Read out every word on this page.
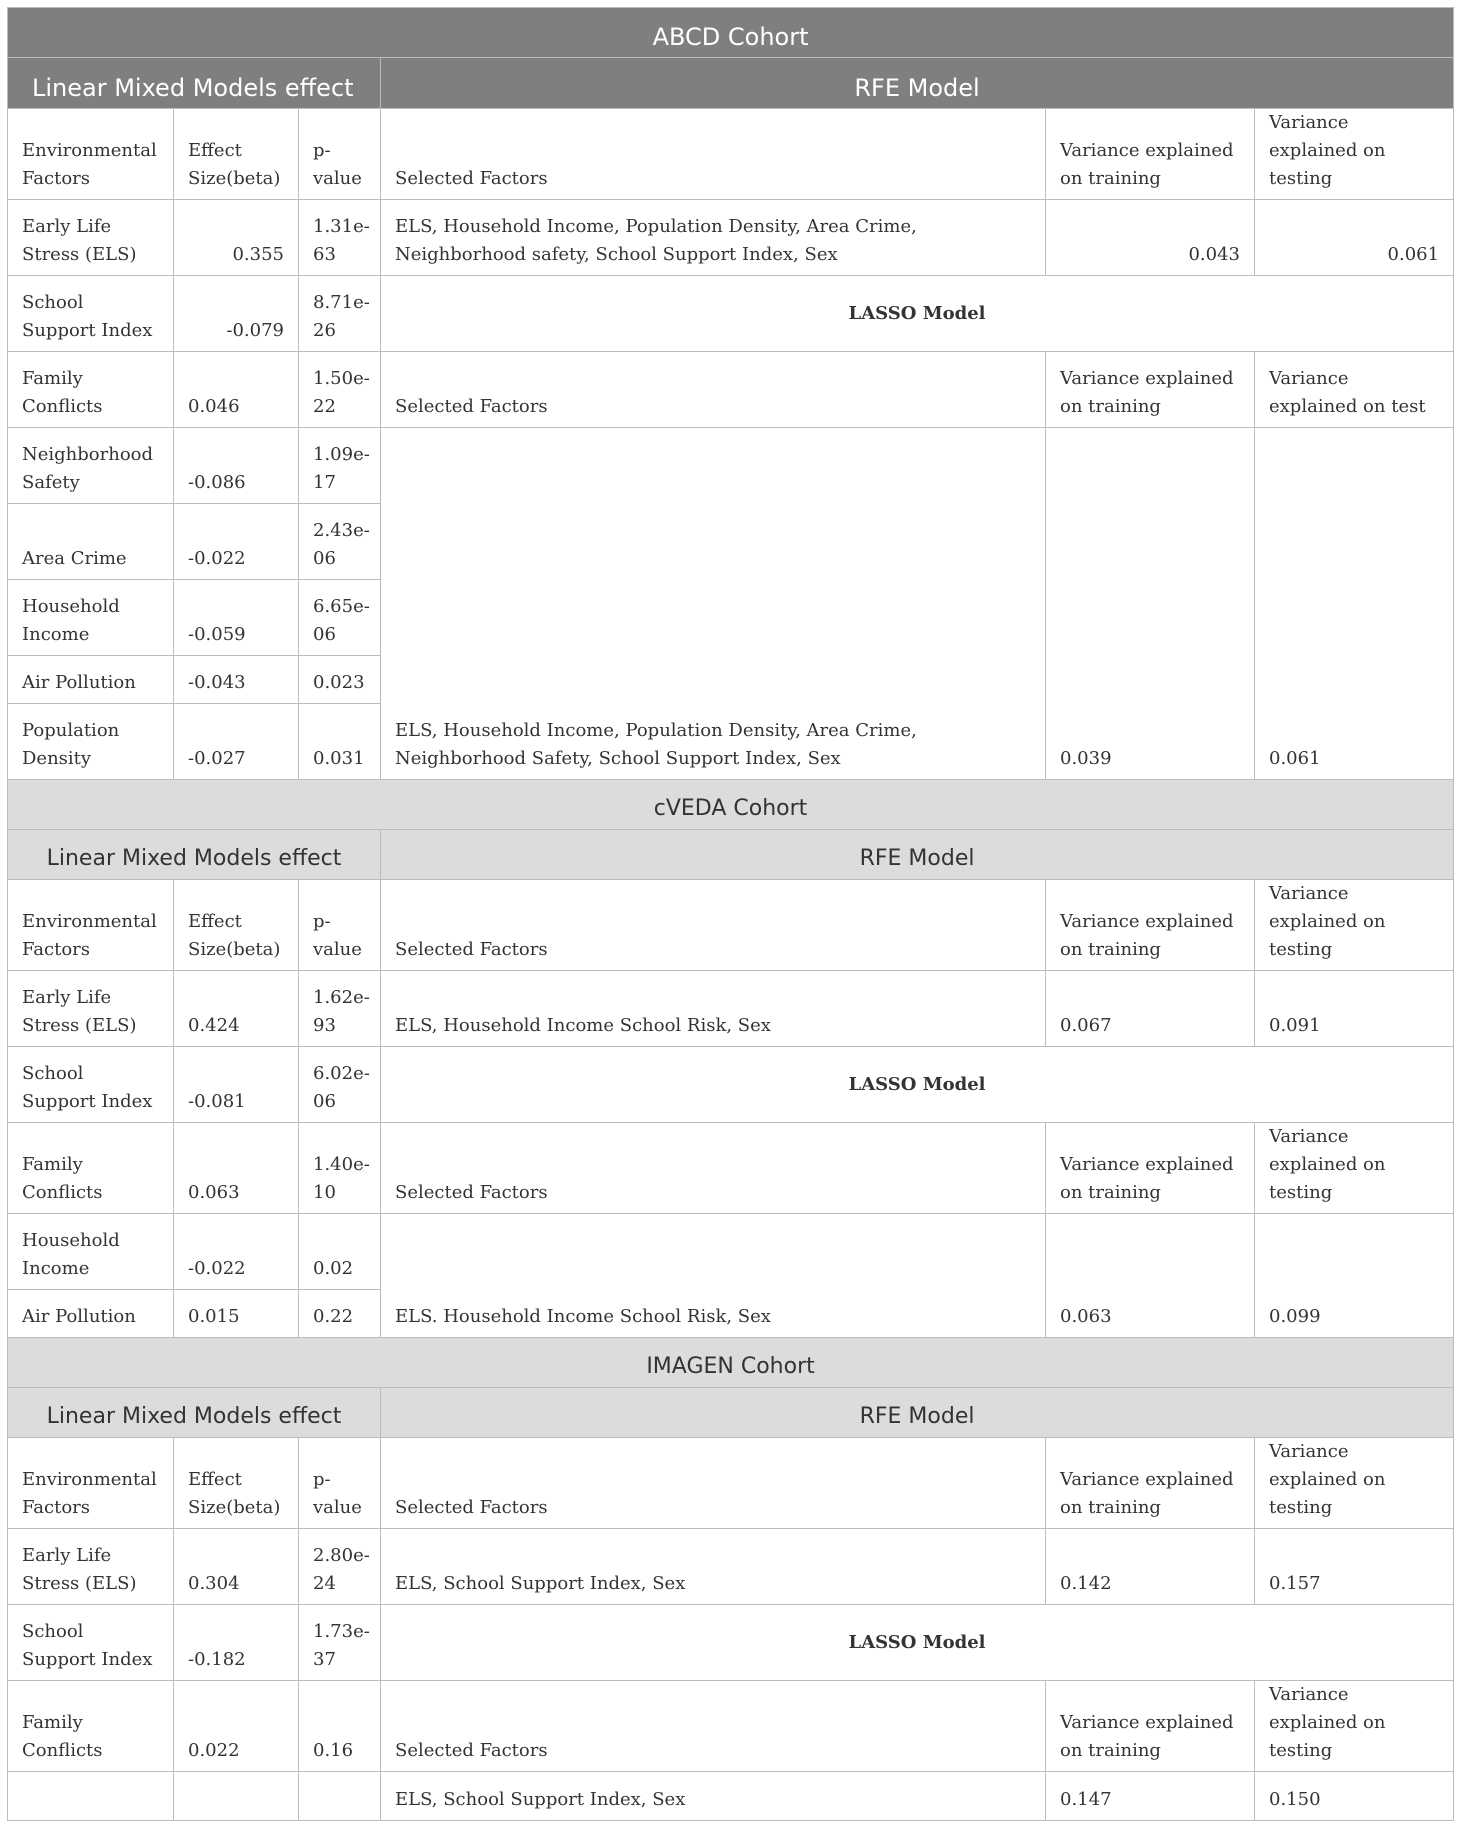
ABCD Cohort					
Linear Mixed Models effect			RFE Model		
Environmental Factors	Effect Size(beta)	p-value	Selected Factors	Variance explained on training	Variance explained on testing
Early Life Stress (ELS)	0.355	1.31e-63	ELS, Household Income, Population Density, Area Crime, Neighborhood safety, School Support Index, Sex	0.043	0.061
School Support Index	-0.079	8.71e-26	LASSO Model		
Family Conflicts	0.046	1.50e-22	Selected Factors	Variance explained on training	Variance explained on test
Neighborhood Safety	-0.086	1.09e-17	ELS, Household Income, Population Density, Area Crime, Neighborhood Safety, School Support Index, Sex	0.039	0.061
Area Crime	-0.022	2.43e-06			
Household Income	-0.059	6.65e-06			
Air Pollution	-0.043	0.023			
Population Density	-0.027	0.031			
cVEDA Cohort					
Linear Mixed Models effect			RFE Model		
Environmental Factors	Effect Size(beta)	p-value	Selected Factors	Variance explained on training	Variance explained on testing
Early Life Stress (ELS)	0.424	1.62e-93	ELS, Household Income School Risk, Sex	0.067	0.091
School Support Index	-0.081	6.02e-06	LASSO Model		
Family Conflicts	0.063	1.40e-10	Selected Factors	Variance explained on training	Variance explained on testing
Household Income	-0.022	0.02	ELS. Household Income School Risk, Sex	0.063	0.099
Air Pollution	0.015	0.22			
IMAGEN Cohort					
Linear Mixed Models effect			RFE Model		
Environmental Factors	Effect Size(beta)	p-value	Selected Factors	Variance explained on training	Variance explained on testing
Early Life Stress (ELS)	0.304	2.80e-24	ELS, School Support Index, Sex	0.142	0.157
School Support Index	-0.182	1.73e-37	LASSO Model		
Family Conflicts	0.022	0.16	Selected Factors	Variance explained on training	Variance explained on testing
			ELS, School Support Index, Sex	0.147	0.150
